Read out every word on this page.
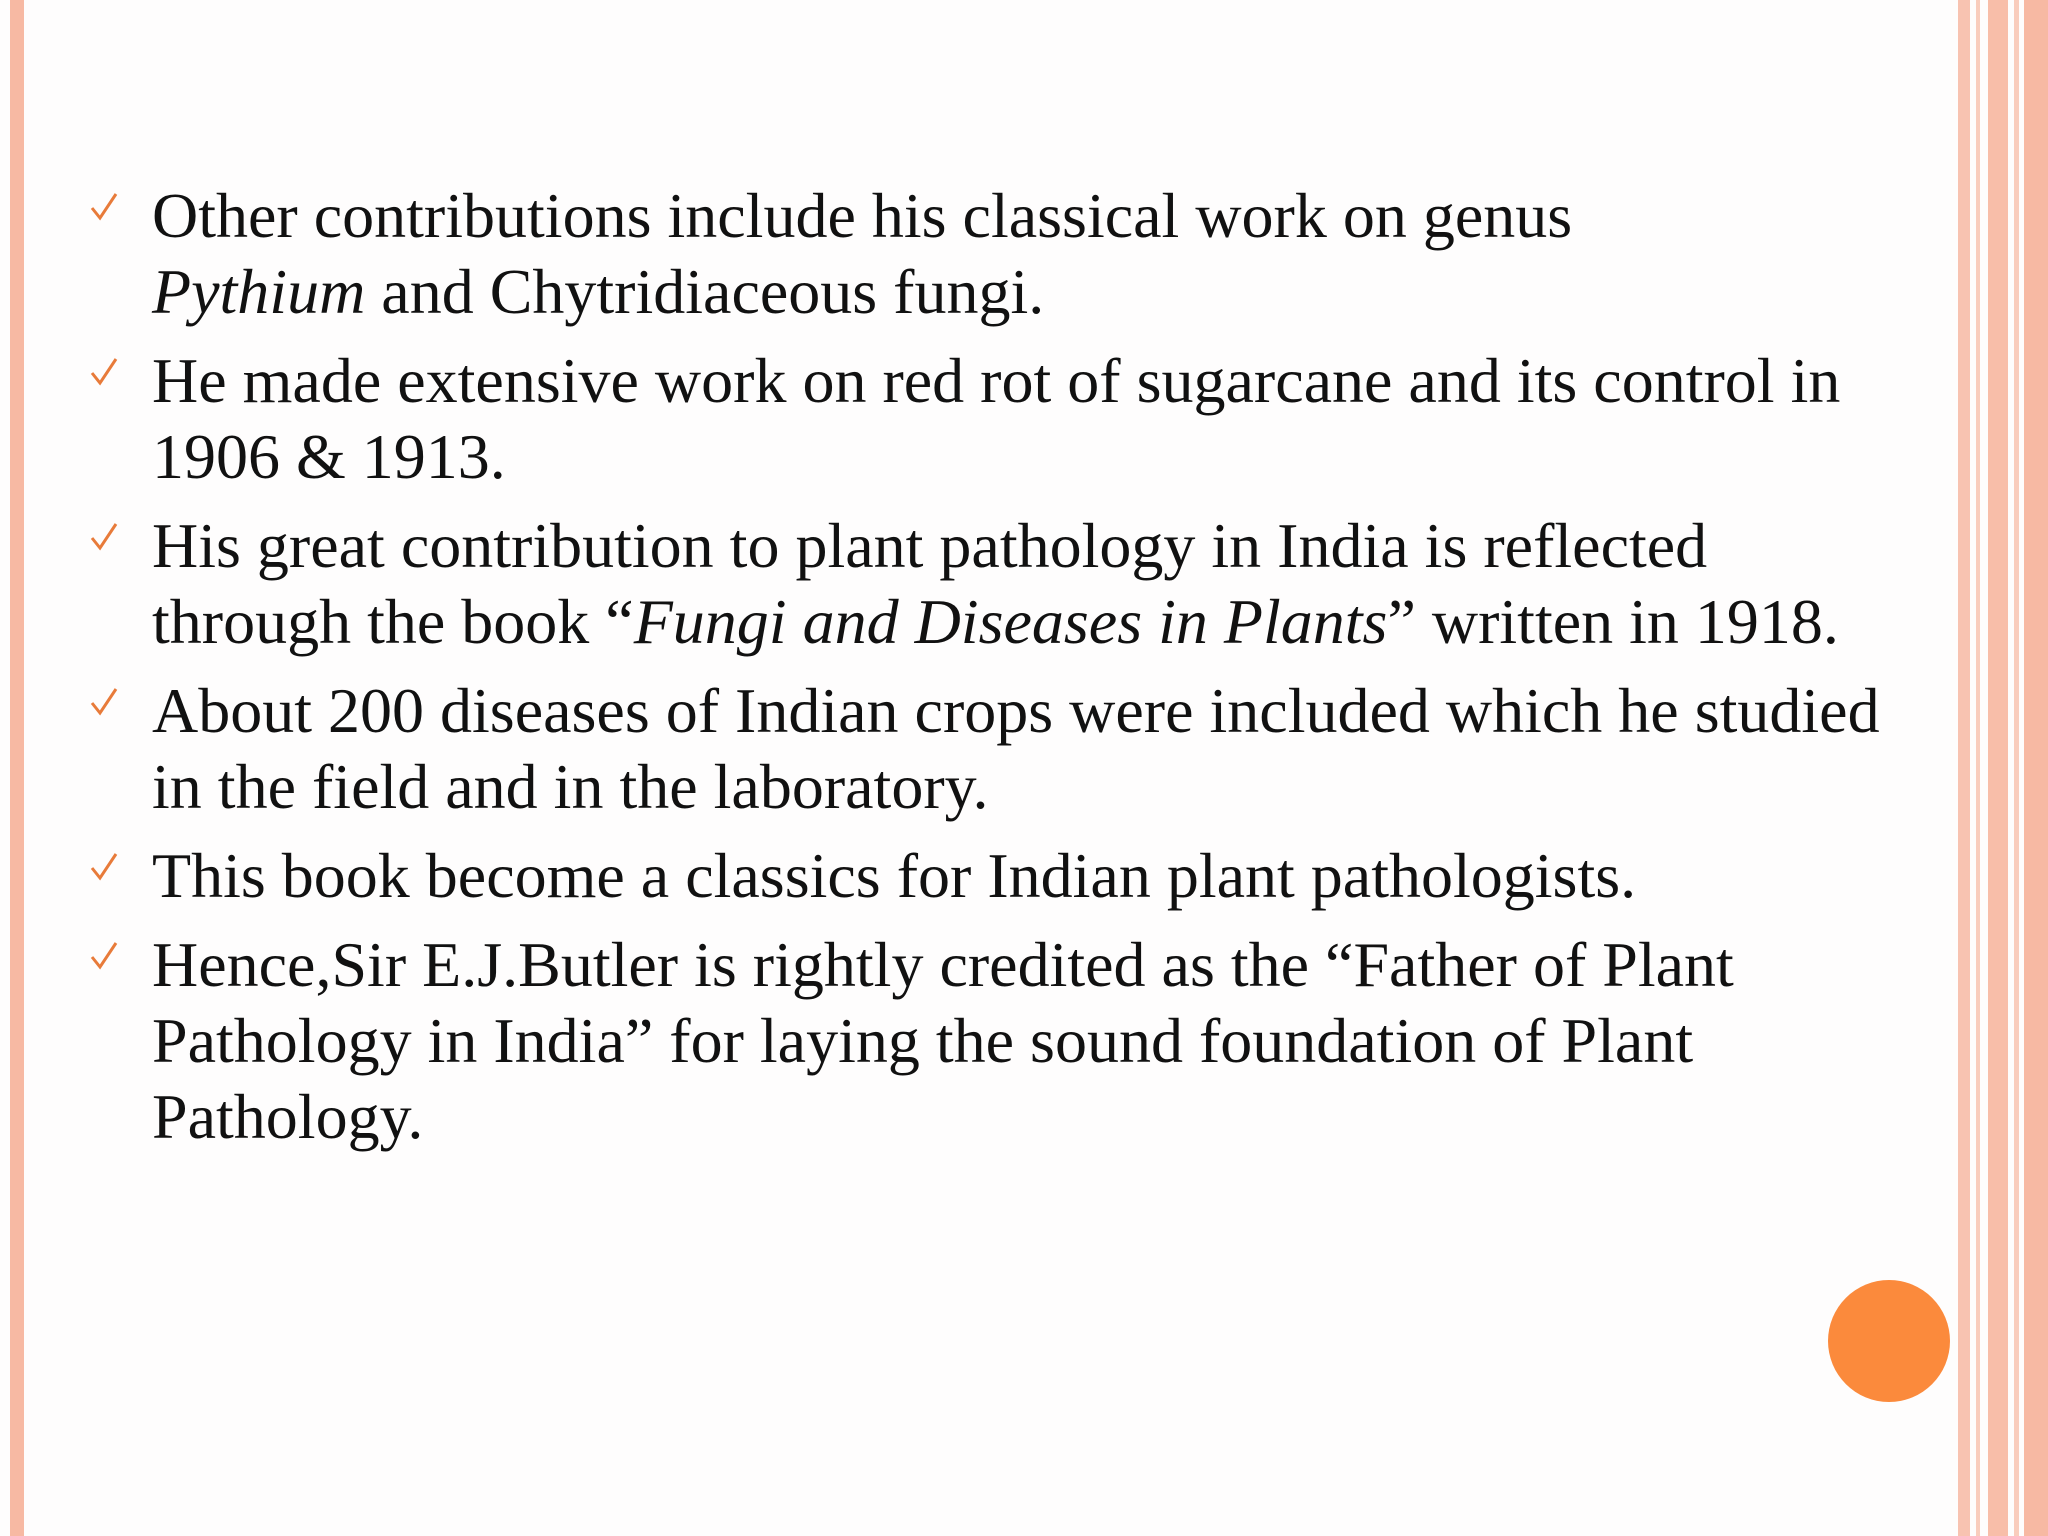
Other contributions include his classical work on genus
Pythium and Chytridiaceous fungi.
He made extensive work on red rot of sugarcane and its control in 1906 & 1913.
His great contribution to plant pathology in India is reflected through the book “Fungi and Diseases in Plants” written in 1918.
About 200 diseases of Indian crops were included which he studied in the field and in the laboratory.
This book become a classics for Indian plant pathologists.
Hence,Sir E.J.Butler is rightly credited as the “Father of Plant Pathology in India” for laying the sound foundation of Plant Pathology.
